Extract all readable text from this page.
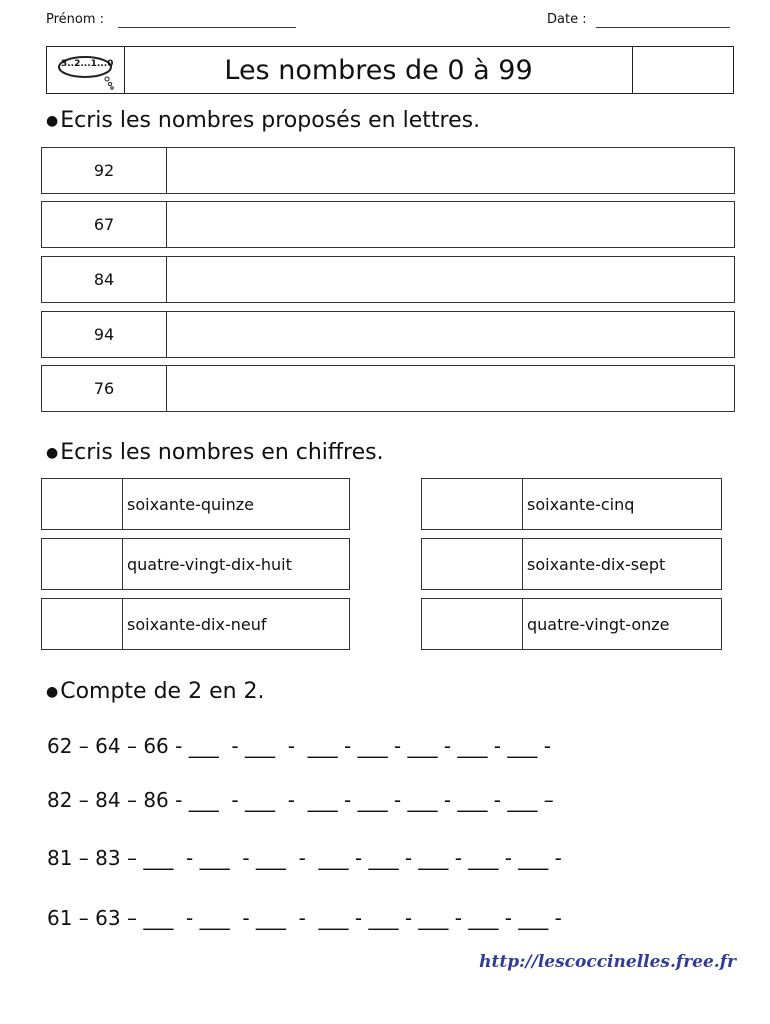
Prénom :	Date :
3..2...1...0	Les nombres de 0 à 99
●Ecris les nombres proposés en lettres.
92
67
84
94
76
●Ecris les nombres en chiffres.
soixante-quinze
quatre-vingt-dix-huit
soixante-dix-neuf
soixante-cinq
soixante-dix-sept
quatre-vingt-onze
●Compte de 2 en 2.
62 – 64 – 66 - ___  - ___  -  ___ - ___ - ___ - ___ - ___ -
82 – 84 – 86 - ___  - ___  -  ___ - ___ - ___ - ___ - ___ –
81 – 83 – ___  - ___  - ___  -  ___ - ___ - ___ - ___ - ___ -
61 – 63 – ___  - ___  - ___  -  ___ - ___ - ___ - ___ - ___ -
http://lescoccinelles.free.fr
